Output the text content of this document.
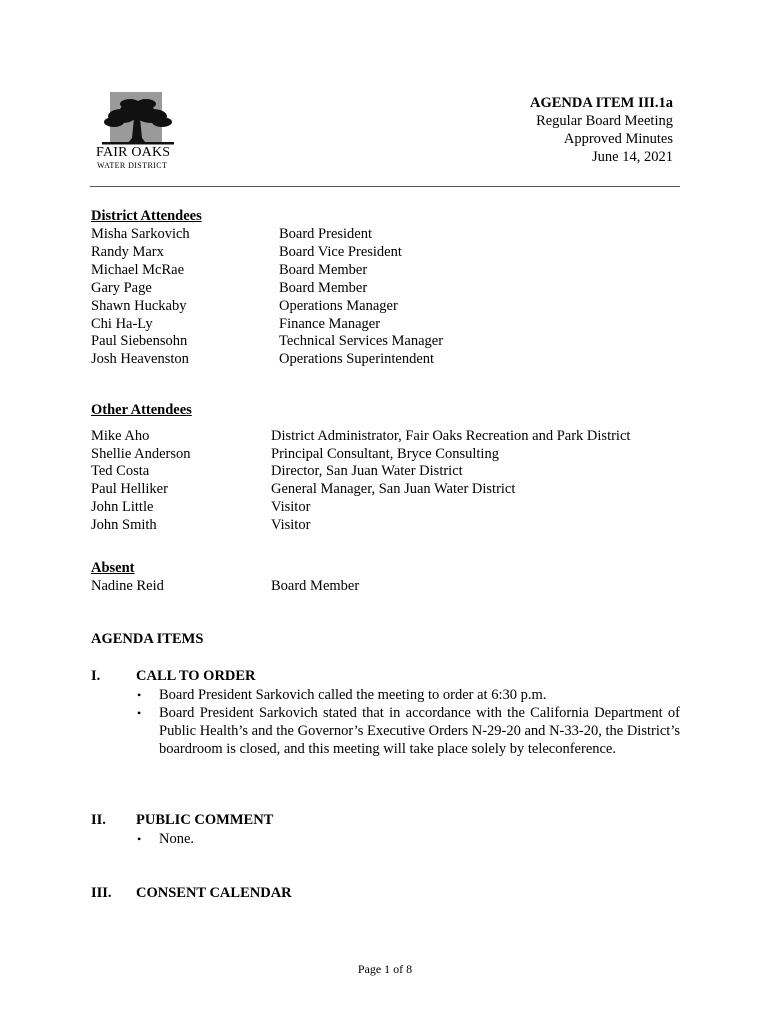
FAIR OAKS
WATER DISTRICT
AGENDA ITEM III.1a
Regular Board Meeting
Approved Minutes
June 14, 2021
District Attendees
Misha Sarkovich	Board President
Randy Marx	Board Vice President
Michael McRae	Board Member
Gary Page	Board Member
Shawn Huckaby	Operations Manager
Chi Ha-Ly	Finance Manager
Paul Siebensohn	Technical Services Manager
Josh Heavenston	Operations Superintendent
Other Attendees
Mike Aho	District Administrator, Fair Oaks Recreation and Park District
Shellie Anderson	Principal Consultant, Bryce Consulting
Ted Costa	Director, San Juan Water District
Paul Helliker	General Manager, San Juan Water District
John Little	Visitor
John Smith	Visitor
Absent
Nadine Reid	Board Member
AGENDA ITEMS
I. CALL TO ORDER
• Board President Sarkovich called the meeting to order at 6:30 p.m.
• Board President Sarkovich stated that in accordance with the California Department of Public Health’s and the Governor’s Executive Orders N-29-20 and N-33-20, the District’s boardroom is closed, and this meeting will take place solely by teleconference.
II. PUBLIC COMMENT
• None.
III. CONSENT CALENDAR
Page 1 of 8
